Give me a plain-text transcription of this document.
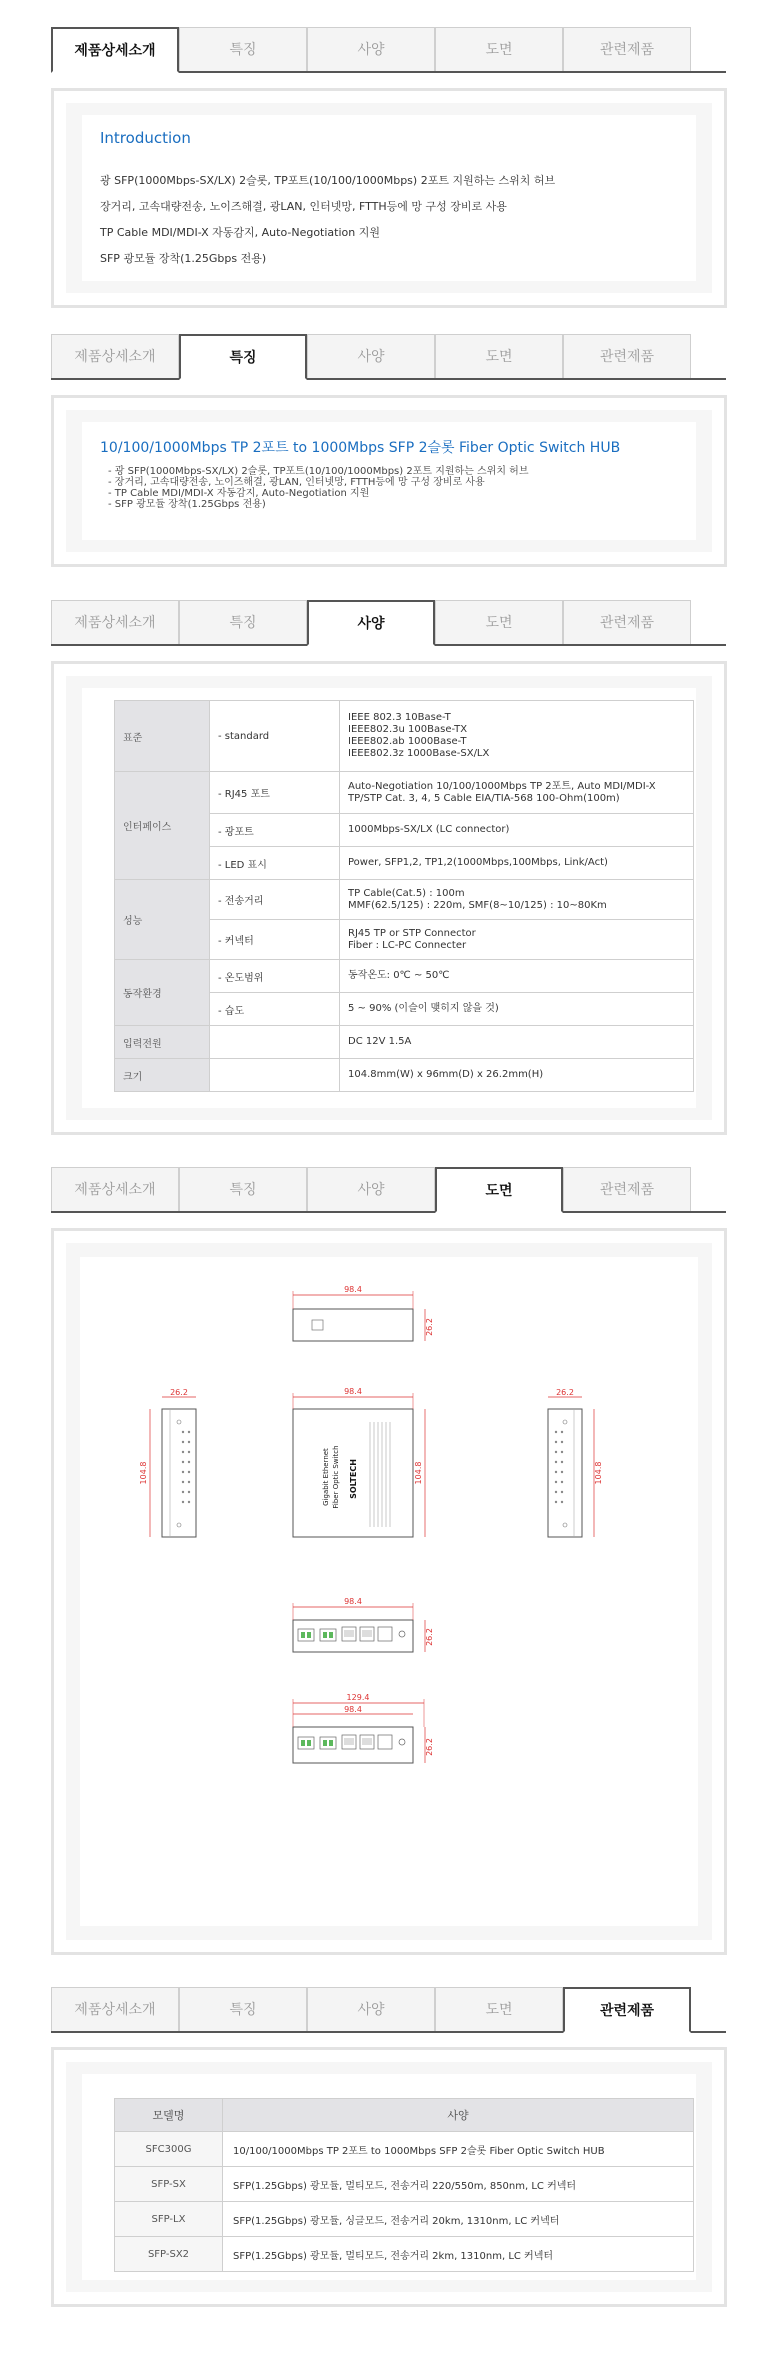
제품상세소개	특징	사양	도면	관련제품
Introduction
광 SFP(1000Mbps-SX/LX) 2슬롯, TP포트(10/100/1000Mbps) 2포트 지원하는 스위치 허브
장거리, 고속대량전송, 노이즈해결, 광LAN, 인터넷망, FTTH등에 망 구성 장비로 사용
TP Cable MDI/MDI-X 자동감지, Auto-Negotiation 지원
SFP 광모듈 장착(1.25Gbps 전용)
제품상세소개	특징	사양	도면	관련제품
10/100/1000Mbps TP 2포트 to 1000Mbps SFP 2슬롯 Fiber Optic Switch HUB
- 광 SFP(1000Mbps-SX/LX) 2슬롯, TP포트(10/100/1000Mbps) 2포트 지원하는 스위치 허브
- 장거리, 고속대량전송, 노이즈해결, 광LAN, 인터넷망, FTTH등에 망 구성 장비로 사용
- TP Cable MDI/MDI-X 자동감지, Auto-Negotiation 지원
- SFP 광모듈 장착(1.25Gbps 전용)
제품상세소개	특징	사양	도면	관련제품
표준	- standard	IEEE 802.3 10Base-T
IEEE802.3u 100Base-TX
IEEE802.ab 1000Base-T
IEEE802.3z 1000Base-SX/LX

인터페이스	- RJ45 포트	Auto-Negotiation 10/100/1000Mbps TP 2포트, Auto MDI/MDI-X
TP/STP Cat. 3, 4, 5 Cable EIA/TIA-568 100-Ohm(100m)

	- 광포트	1000Mbps-SX/LX (LC connector)
	- LED 표시	Power, SFP1,2, TP1,2(1000Mbps,100Mbps, Link/Act)
성능	- 전송거리	TP Cable(Cat.5) : 100m
MMF(62.5/125) : 220m, SMF(8~10/125) : 10~80Km

	- 커넥터	RJ45 TP or STP Connector
Fiber : LC-PC Connecter

동작환경	- 온도범위	동작온도: 0℃ ~ 50℃
	- 습도	5 ~ 90% (이슬이 맺히지 않을 것)
입력전원		DC 12V 1.5A
크기		104.8mm(W) x 96mm(D) x 26.2mm(H)
제품상세소개	특징	사양	도면	관련제품
98.4
26.2
26.2
104.8
98.4
104.8
Gigabit Ethernet Fiber Optic Switch SOLTECH
26.2
104.8
98.4
26.2
129.4
98.4
26.2
제품상세소개	특징	사양	도면	관련제품
모델명	사양
SFC300G	10/100/1000Mbps TP 2포트 to 1000Mbps SFP 2슬롯 Fiber Optic Switch HUB
SFP-SX	SFP(1.25Gbps) 광모듈, 멀티모드, 전송거리 220/550m, 850nm, LC 커넥터
SFP-LX	SFP(1.25Gbps) 광모듈, 싱글모드, 전송거리 20km, 1310nm, LC 커넥터
SFP-SX2	SFP(1.25Gbps) 광모듈, 멀티모드, 전송거리 2km, 1310nm, LC 커넥터
